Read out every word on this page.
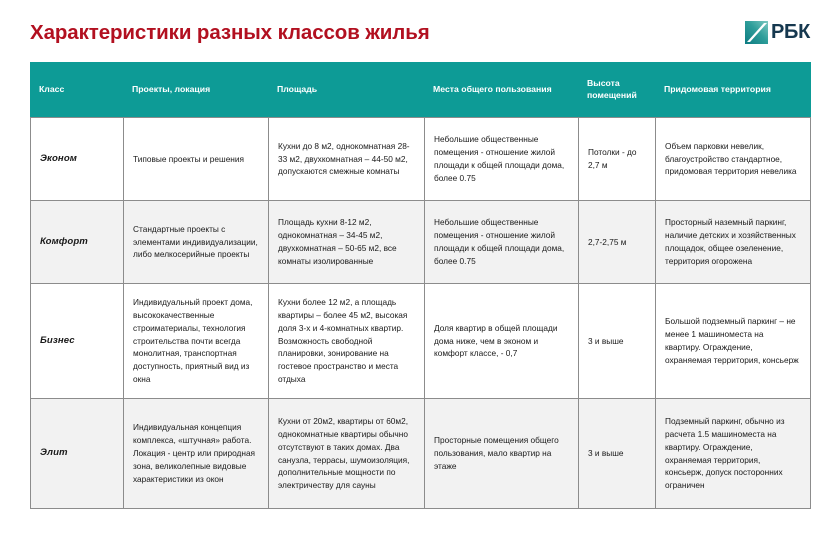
Характеристики разных классов жилья	РБК
Класс	Проекты, локация	Площадь	Места общего пользования	Высота помещений	Придомовая территория
Эконом	Типовые проекты и решения	Кухни до 8 м2, однокомнатная 28-33 м2, двухкомнатная – 44-50 м2, допускаются смежные комнаты	Небольшие общественные помещения - отношение жилой площади к общей площади дома, более 0.75	Потолки - до 2,7 м	Объем парковки невелик, благоустройство стандартное, придомовая территория невелика
Комфорт	Стандартные проекты с элементами индивидуализации, либо мелкосерийные проекты	Площадь кухни 8-12 м2, однокомнатная – 34-45 м2, двухкомнатная – 50-65 м2, все комнаты изолированные	Небольшие общественные помещения - отношение жилой площади к общей площади дома, более 0.75	2,7-2,75 м	Просторный наземный паркинг, наличие детских и хозяйственных площадок, общее озеленение, территория огорожена
Бизнес	Индивидуальный проект дома, высококачественные строиматериалы, технология строительства почти всегда монолитная, транспортная доступность, приятный вид из окна	Кухни более 12 м2, а площадь квартиры – более 45 м2, высокая доля 3-х и 4-комнатных квартир. Возможность свободной планировки, зонирование на гостевое пространство и места отдыха	Доля квартир в общей площади дома ниже, чем в эконом и комфорт классе, - 0,7	3 и выше	Большой подземный паркинг – не менее 1 машиноместа на квартиру. Ограждение, охраняемая территория, консьерж
Элит	Индивидуальная концепция комплекса, «штучная» работа. Локация - центр или природная зона, великолепные видовые характеристики из окон	Кухни от 20м2, квартиры от 60м2, однокомнатные квартиры обычно отсутствуют в таких домах. Два санузла, террасы, шумоизоляция, дополнительные мощности по электричеству для сауны	Просторные помещения общего пользования, мало квартир на этаже	3 и выше	Подземный паркинг, обычно из расчета 1.5 машиноместа на квартиру. Ограждение, охраняемая территория, консьерж, допуск посторонних ограничен
